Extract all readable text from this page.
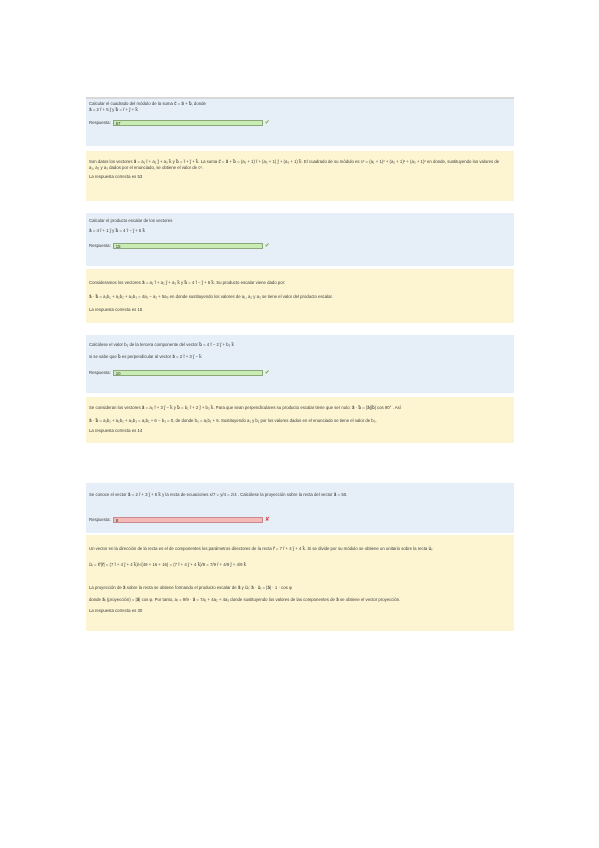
Calcular el cuadrado del módulo de la suma c⃗ = a⃗ + b⃗, donde
a⃗ = 2 i⃗ + 5 j⃗ y b⃗ = i⃗ + j⃗ + k⃗
Respuesta:	67	✔
Son datos los vectores a⃗ = a₁ i⃗ + a₂ j⃗ + a₃ k⃗ y b⃗ = i⃗ + j⃗ + k⃗. La suma c⃗ = a⃗ + b⃗ = (a₁ + 1) i⃗ + (a₂ + 1) j⃗ + (a₃ + 1) k⃗. El cuadrado de su módulo es c² = (a₁ + 1)² + (a₂ + 1)² + (a₃ + 1)² en donde, sustituyendo los valores de
a₁, a₂ y a₃ dados por el enunciado, se obtiene el valor de c².
La respuesta correcta es 53
Calcular el producto escalar de los vectores
a⃗ = 4 i⃗ + 1 j⃗ y b⃗ = 4 i⃗ − j⃗ + 5 k⃗
Respuesta:	15	✔
Consideramos los vectores a⃗ = a₁ i⃗ + a₂ j⃗ + a₃ k⃗ y b⃗ = 4 i⃗ − j⃗ + 5 k⃗. Su producto escalar viene dado por:
a⃗ · b⃗ = a₁b₁ + a₂b₂ + a₃b₃ = 4a₁ − a₂ + 5a₃ en donde sustituyendo los valores de a₁, a₂ y a₃ se tiene el valor del producto escalar.
La respuesta correcta es 15
Calcúlese el valor b₃ de la tercera componente del vector b⃗ = 4 i⃗ − 2 j⃗ + b₃ k⃗
si se sabe que b⃗ es perpendicular al vector a⃗ = 2 i⃗ + 3 j⃗ − k⃗
Respuesta:	10	✔
Se consideran los vectores a⃗ = a₁ i⃗ + 3 j⃗ − k⃗ y b⃗ = b₁ i⃗ + 2 j⃗ + b₃ k⃗. Para que sean perpendiculares su producto escalar tiene que ser nulo: a⃗ · b⃗ = |a⃗||b⃗| cos 90° . Así
a⃗ · b⃗ = a₁b₁ + a₂b₂ + a₃b₃ = a₁b₁ + 6 − b₃ = 0, de donde b₃ = a₁b₁ + 6. Sustituyendo a₁ y b₁ por los valores dados en el enunciado se tiene el valor de b₃.
La respuesta correcta es 14
Se conoce el vector a⃗ = 2 i⃗ + 3 j⃗ + 5 k⃗ y la recta de ecuaciones x/7 = y/4 = z/4 . Calcúlese la proyección sobre la recta del vector a⃗ = 50.
Respuesta:	8	✘
Un vector en la dirección de la recta es el de componentes los parámetros directores de la recta r⃗ = 7 i⃗ + 4 j⃗ + 4 k⃗. Si se divide por su módulo se obtiene un unitario sobre la recta u⃗ᵣ.
u⃗ᵣ = r⃗/|r⃗| = (7 i⃗ + 4 j⃗ + 4 k⃗)/√(49 + 16 + 16) = (7 i⃗ + 4 j⃗ + 4 k⃗)/9 = 7/9 i⃗ + 4/9 j⃗ + 4/9 k⃗
La proyección de a⃗ sobre la recta se obtiene formando el producto escalar de a⃗ y u⃗ᵣ: a⃗ · u⃗ᵣ = |a⃗| · 1 · cos φ
donde a⃗ᵣ (proyección) = |a⃗| cos φ. Por tanto, aᵣ = 9/9 · a⃗ = 7a₁ + 4a₂ + 4a₃ donde sustituyendo los valores de las componentes de a⃗ se obtiene el vector proyección.
La respuesta correcta es 30
